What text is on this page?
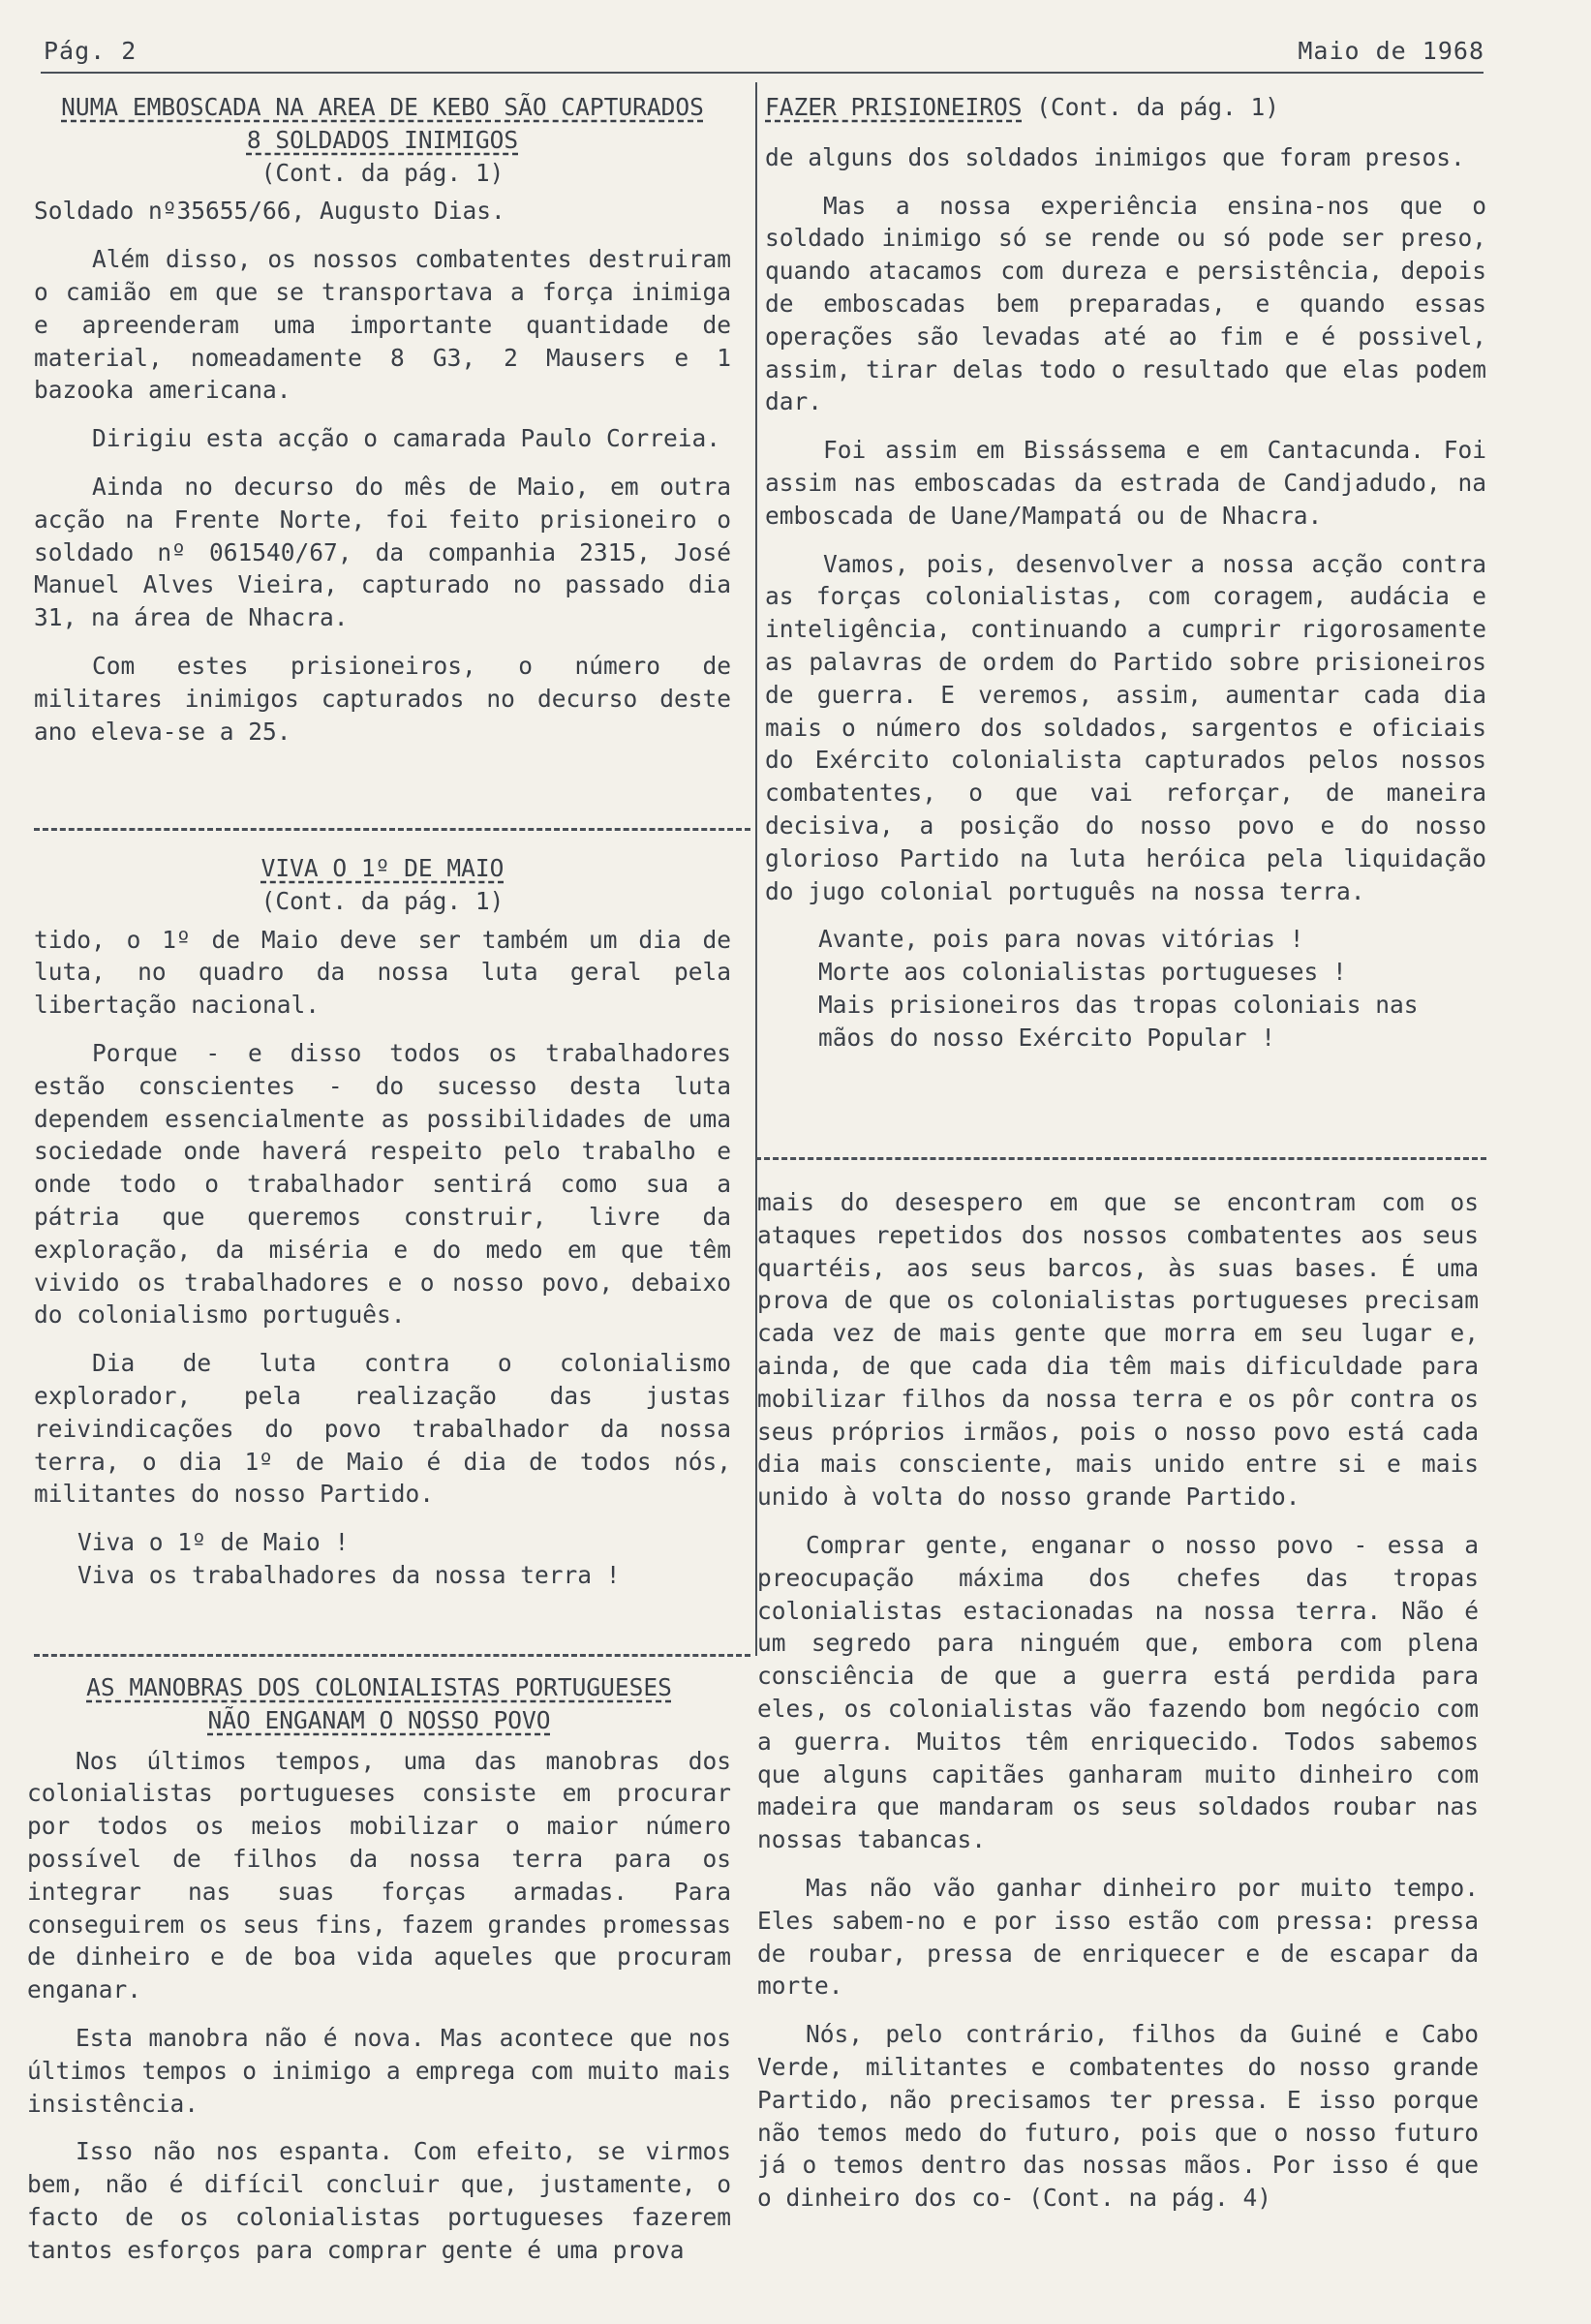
Pág. 2	Maio de 1968
NUMA EMBOSCADA NA AREA DE KEBO SÃO CAPTURADOS
8 SOLDADOS INIMIGOS

(Cont. da pág. 1)

Soldado nº35655/66, Augusto Dias.

Além disso, os nossos combatentes destruiram o camião em que se transportava a força inimiga e apreenderam uma importante quantidade de material, nomeadamente 8 G3, 2 Mausers e 1 bazooka americana.

Dirigiu esta acção o camarada Paulo Correia.

Ainda no decurso do mês de Maio, em outra acção na Frente Norte, foi feito prisioneiro o soldado nº 061540/67, da companhia 2315, José Manuel Alves Vieira, capturado no passado dia 31, na área de Nhacra.

Com estes prisioneiros, o número de militares inimigos capturados no decurso deste ano eleva-se a 25.

VIVA O 1º DE MAIO

(Cont. da pág. 1)

tido, o 1º de Maio deve ser também um dia de luta, no quadro da nossa luta geral pela libertação nacional.

Porque - e disso todos os trabalhadores estão conscientes - do sucesso desta luta dependem essencialmente as possibilidades de uma sociedade onde haverá respeito pelo trabalho e onde todo o trabalhador sentirá como sua a pátria que queremos construir, livre da exploração, da miséria e do medo em que têm vivido os trabalhadores e o nosso povo, debaixo do colonialismo português.

Dia de luta contra o colonialismo explorador, pela realização das justas reivindicações do povo trabalhador da nossa terra, o dia 1º de Maio é dia de todos nós, militantes do nosso Partido.

Viva o 1º de Maio !
Viva os trabalhadores da nossa terra !
AS MANOBRAS DOS COLONIALISTAS PORTUGUESES
NÃO ENGANAM O NOSSO POVO

Nos últimos tempos, uma das manobras dos colonialistas portugueses consiste em procurar por todos os meios mobilizar o maior número possível de filhos da nossa terra para os integrar nas suas forças armadas. Para conseguirem os seus fins, fazem grandes promessas de dinheiro e de boa vida aqueles que procuram enganar.

Esta manobra não é nova. Mas acontece que nos últimos tempos o inimigo a emprega com muito mais insistência.

Isso não nos espanta. Com efeito, se virmos bem, não é difícil concluir que, justamente, o facto de os colonialistas portugueses fazerem tantos esforços para comprar gente é uma prova

FAZER PRISIONEIROS (Cont. da pág. 1)

de alguns dos soldados inimigos que foram presos.

Mas a nossa experiência ensina-nos que o soldado inimigo só se rende ou só pode ser preso, quando atacamos com dureza e persistência, depois de emboscadas bem preparadas, e quando essas operações são levadas até ao fim e é possivel, assim, tirar delas todo o resultado que elas podem dar.

Foi assim em Bissássema e em Cantacunda. Foi assim nas emboscadas da estrada de Candjadudo, na emboscada de Uane/Mampatá ou de Nhacra.

Vamos, pois, desenvolver a nossa acção contra as forças colonialistas, com coragem, audácia e inteligência, continuando a cumprir rigorosamente as palavras de ordem do Partido sobre prisioneiros de guerra. E veremos, assim, aumentar cada dia mais o número dos soldados, sargentos e oficiais do Exército colonialista capturados pelos nossos combatentes, o que vai reforçar, de maneira decisiva, a posição do nosso povo e do nosso glorioso Partido na luta heróica pela liquidação do jugo colonial português na nossa terra.

Avante, pois para novas vitórias !
Morte aos colonialistas portugueses !
Mais prisioneiros das tropas coloniais nas
mãos do nosso Exército Popular !

mais do desespero em que se encontram com os ataques repetidos dos nossos combatentes aos seus quartéis, aos seus barcos, às suas bases. É uma prova de que os colonialistas portugueses precisam cada vez de mais gente que morra em seu lugar e, ainda, de que cada dia têm mais dificuldade para mobilizar filhos da nossa terra e os pôr contra os seus próprios irmãos, pois o nosso povo está cada dia mais consciente, mais unido entre si e mais unido à volta do nosso grande Partido.

Comprar gente, enganar o nosso povo - essa a preocupação máxima dos chefes das tropas colonialistas estacionadas na nossa terra. Não é um segredo para ninguém que, embora com plena consciência de que a guerra está perdida para eles, os colonialistas vão fazendo bom negócio com a guerra. Muitos têm enriquecido. Todos sabemos que alguns capitães ganharam muito dinheiro com madeira que mandaram os seus soldados roubar nas nossas tabancas.

Mas não vão ganhar dinheiro por muito tempo. Eles sabem-no e por isso estão com pressa: pressa de roubar, pressa de enriquecer e de escapar da morte.

Nós, pelo contrário, filhos da Guiné e Cabo Verde, militantes e combatentes do nosso grande Partido, não precisamos ter pressa. E isso porque não temos medo do futuro, pois que o nosso futuro já o temos dentro das nossas mãos. Por isso é que o dinheiro dos co- (Cont. na pág. 4)
